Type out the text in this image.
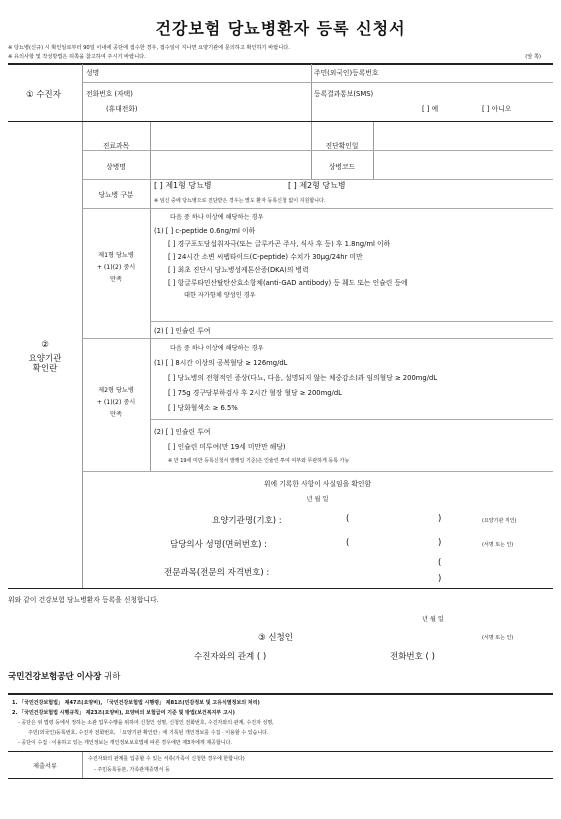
건강보험 당뇨병환자 등록 신청서
※ 당뇨병(신규) 시 확인일로부터 90일 이내에 공단에 접수한 경우, 접수일이 지나면 요양기관에 문의하고 확인하기 바랍니다.
※ 유의사항 및 작성방법은 뒤쪽을 참고하여 주시기 바랍니다.	(앞 쪽)
① 수진자
성명	주민(외국인)등록번호
전화번호 (자택)
(휴대전화)
등록결과통보(SMS)
[ ] 예	[ ] 아니오
②
요양기관
확인란
진료과목	진단확인일
상병명	상병코드
당뇨병 구분
[ ] 제1형 당뇨병	[ ] 제2형 당뇨병
※ 임신 중에 당뇨병으로 진단받은 경우는 별도 환자 등록신청 없이 지원합니다.
제1형 당뇨병
+ (1)(2) 중시
만족
다음 중 하나 이상에 해당하는 경우
(1) [ ] c-peptide 0.6ng/ml 이하
[ ] 경구포도당섭취자극(또는 글루카곤 주사, 식사 후 등) 후 1.8ng/ml 이하
[ ] 24시간 소변 씨펩타이드(C-peptide) 수치가 30μg/24hr 미만
[ ] 최초 진단시 당뇨병성케톤산증(DKA)의 병력
[ ] 항글루타민산탈탄산효소항체(anti-GAD antibody) 등 췌도 또는 인슐린 등에
대한 자가항체 양성인 경우
(2) [ ] 인슐린 투여
제2형 당뇨병
+ (1)(2) 중시
만족
다음 중 하나 이상에 해당하는 경우
(1) [ ] 8시간 이상의 공복혈당 ≥ 126mg/dL
[ ] 당뇨병의 전형적인 증상(다뇨, 다음, 설명되지 않는 체중감소)과 임의혈당 ≥ 200mg/dL
[ ] 75g 경구당부하검사 후 2시간 혈장 혈당 ≥ 200mg/dL
[ ] 당화혈색소 ≥ 6.5%
(2) [ ] 인슐린 투여
[ ] 인슐린 미투여(만 19세 미만만 해당)
※ 만 19세 미만 등록신청서 발행일 기준)은 인슐린 투여 여부와 무관하게 등록 가능
위에 기록한 사항이 사실임을 확인함
년 월 일
요양기관명(기호) :	(	)	(요양기관 직인)
담당의사 성명(면허번호) :	(	)	(서명 또는 인)
전문과목(전문의 자격번호) :
(
)
위와 같이 건강보험 당뇨병환자 등록을 신청합니다.
년 월 일
③ 신청인	(서명 또는 인)
수진자와의 관계 ( )	전화번호 ( )
국민건강보험공단 이사장 귀하
1. 「국민건강보험법」 제47조(요양비), 「국민건강보험법 시행령」 제81조(민감정보 및 고유식별정보의 처리)
2. 「국민건강보험법 시행규칙」 제23조(요양비), 요양비의 보험급여 기준 및 방법(보건복지부 고시)
- 공단은 위 법령 등에서 정하는 소관 업무수행을 위하여 신청인 성명, 신청인 전화번호, 수진자와의 관계, 수진자 성명,
주민(외국인)등록번호, 수진자 전화번호, 「요양기관 확인란」에 기록된 개인정보를 수집 · 이용할 수 있습니다.
- 공단이 수집 · 이용하고 있는 개인정보는 개인정보보호법에 따른 경우에만 제3자에게 제공합니다.
제출서류
수진자와의 관계를 입증할 수 있는 서류(가족이 신청한 경우에 한합니다)
- 주민등록등본, 가족관계증명서 등
